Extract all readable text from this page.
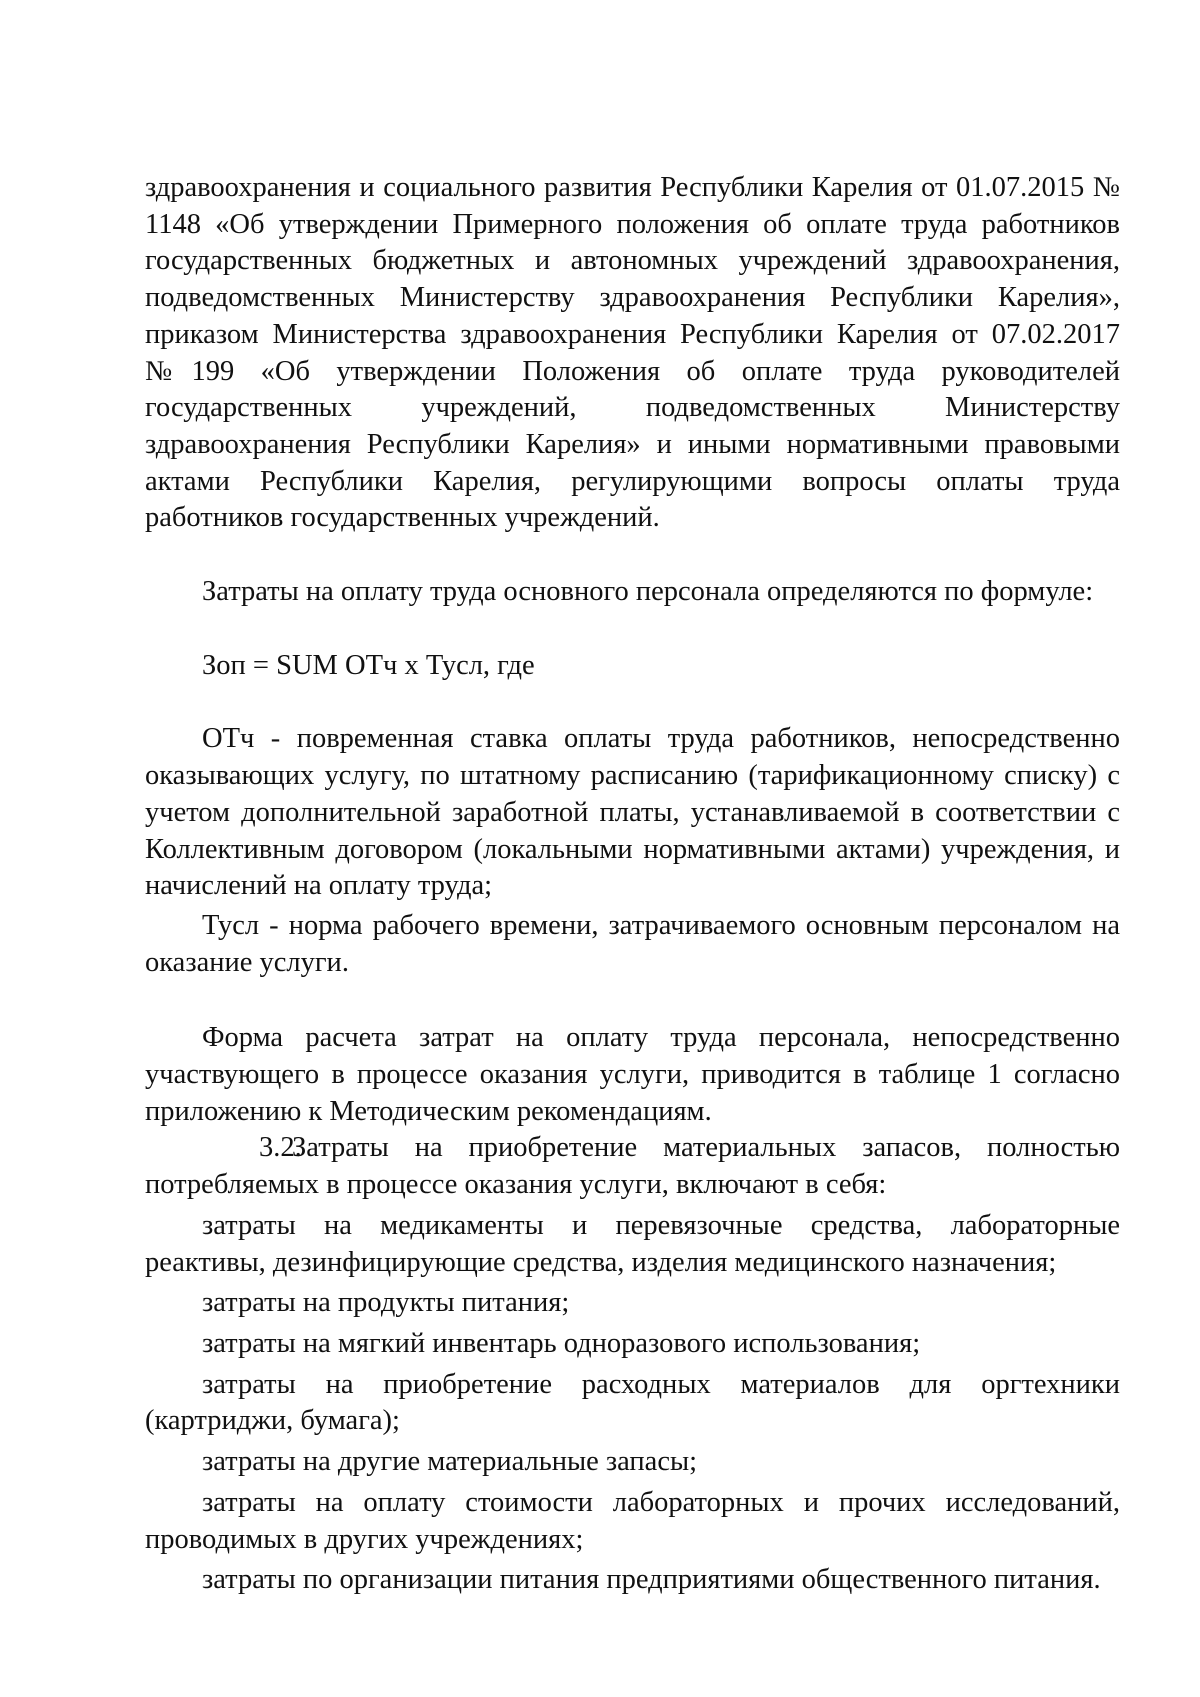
здравоохранения и социального развития Республики Карелия от 01.07.2015 № 1148 «Об утверждении Примерного положения об оплате труда работников государственных бюджетных и автономных учреждений здравоохранения, подведомственных Министерству здравоохранения Республики Карелия», приказом Министерства здравоохранения Республики Карелия от 07.02.2017 №199 «Об утверждении Положения об оплате труда руководителей государственных учреждений, подведомственных Министерству здравоохранения Республики Карелия» и иными нормативными правовыми актами Республики Карелия, регулирующими вопросы оплаты труда работников государственных учреждений.

Затраты на оплату труда основного персонала определяются по формуле:

Зоп = SUM ОТч х Тусл, где

ОТч - повременная ставка оплаты труда работников, непосредственно оказывающих услугу, по штатному расписанию (тарификационному списку) с учетом дополнительной заработной платы, устанавливаемой в соответствии с Коллективным договором (локальными нормативными актами) учреждения, и начислений на оплату труда;

Тусл - норма рабочего времени, затрачиваемого основным персоналом на оказание услуги.

Форма расчета затрат на оплату труда персонала, непосредственно участвующего в процессе оказания услуги, приводится в таблице 1 согласно приложению к Методическим рекомендациям.

3.2.Затраты на приобретение материальных запасов, полностью потребляемых в процессе оказания услуги, включают в себя:

затраты на медикаменты и перевязочные средства, лабораторные реактивы, дезинфицирующие средства, изделия медицинского назначения;

затраты на продукты питания;

затраты на мягкий инвентарь одноразового использования;

затраты на приобретение расходных материалов для оргтехники (картриджи, бумага);

затраты на другие материальные запасы;

затраты на оплату стоимости лабораторных и прочих исследований, проводимых в других учреждениях;

затраты по организации питания предприятиями общественного питания.
